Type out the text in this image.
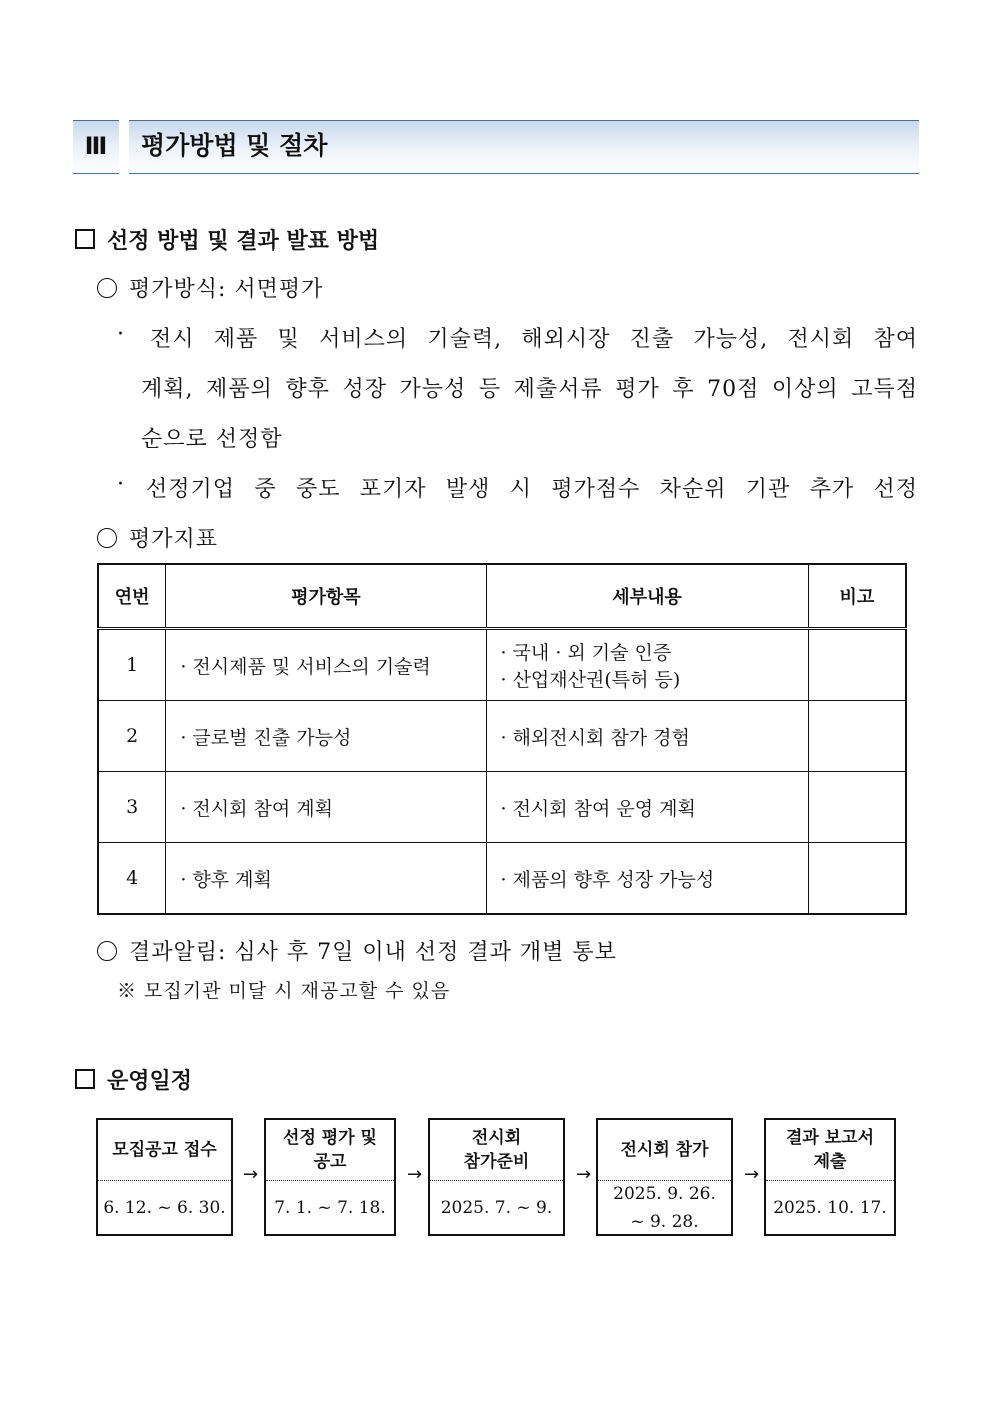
Ⅲ	평가방법 및 절차
선정 방법 및 결과 발표 방법
평가방식: 서면평가
· 전시 제품 및 서비스의 기술력, 해외시장 진출 가능성, 전시회 참여
계획, 제품의 향후 성장 가능성 등 제출서류 평가 후 70점 이상의 고득점
순으로 선정함
· 선정기업 중 중도 포기자 발생 시 평가점수 차순위 기관 추가 선정
평가지표
연번	평가항목	세부내용	비고
1	· 전시제품 및 서비스의 기술력	· 국내 · 외 기술 인증
· 산업재산권(특허 등)	

2	· 글로벌 진출 가능성	· 해외전시회 참가 경험	
3	· 전시회 참여 계획	· 전시회 참여 운영 계획	
4	· 향후 계획	· 제품의 향후 성장 가능성	
결과알림: 심사 후 7일 이내 선정 결과 개별 통보
※ 모집기관 미달 시 재공고할 수 있음
운영일정
모집공고 접수
6. 12. ~ 6. 30.
→
선정 평가 및
공고
7. 1. ~ 7. 18.
→
전시회
참가준비
2025. 7. ~ 9.
→
전시회 참가
2025. 9. 26.
~ 9. 28.
→
결과 보고서
제출
2025. 10. 17.
